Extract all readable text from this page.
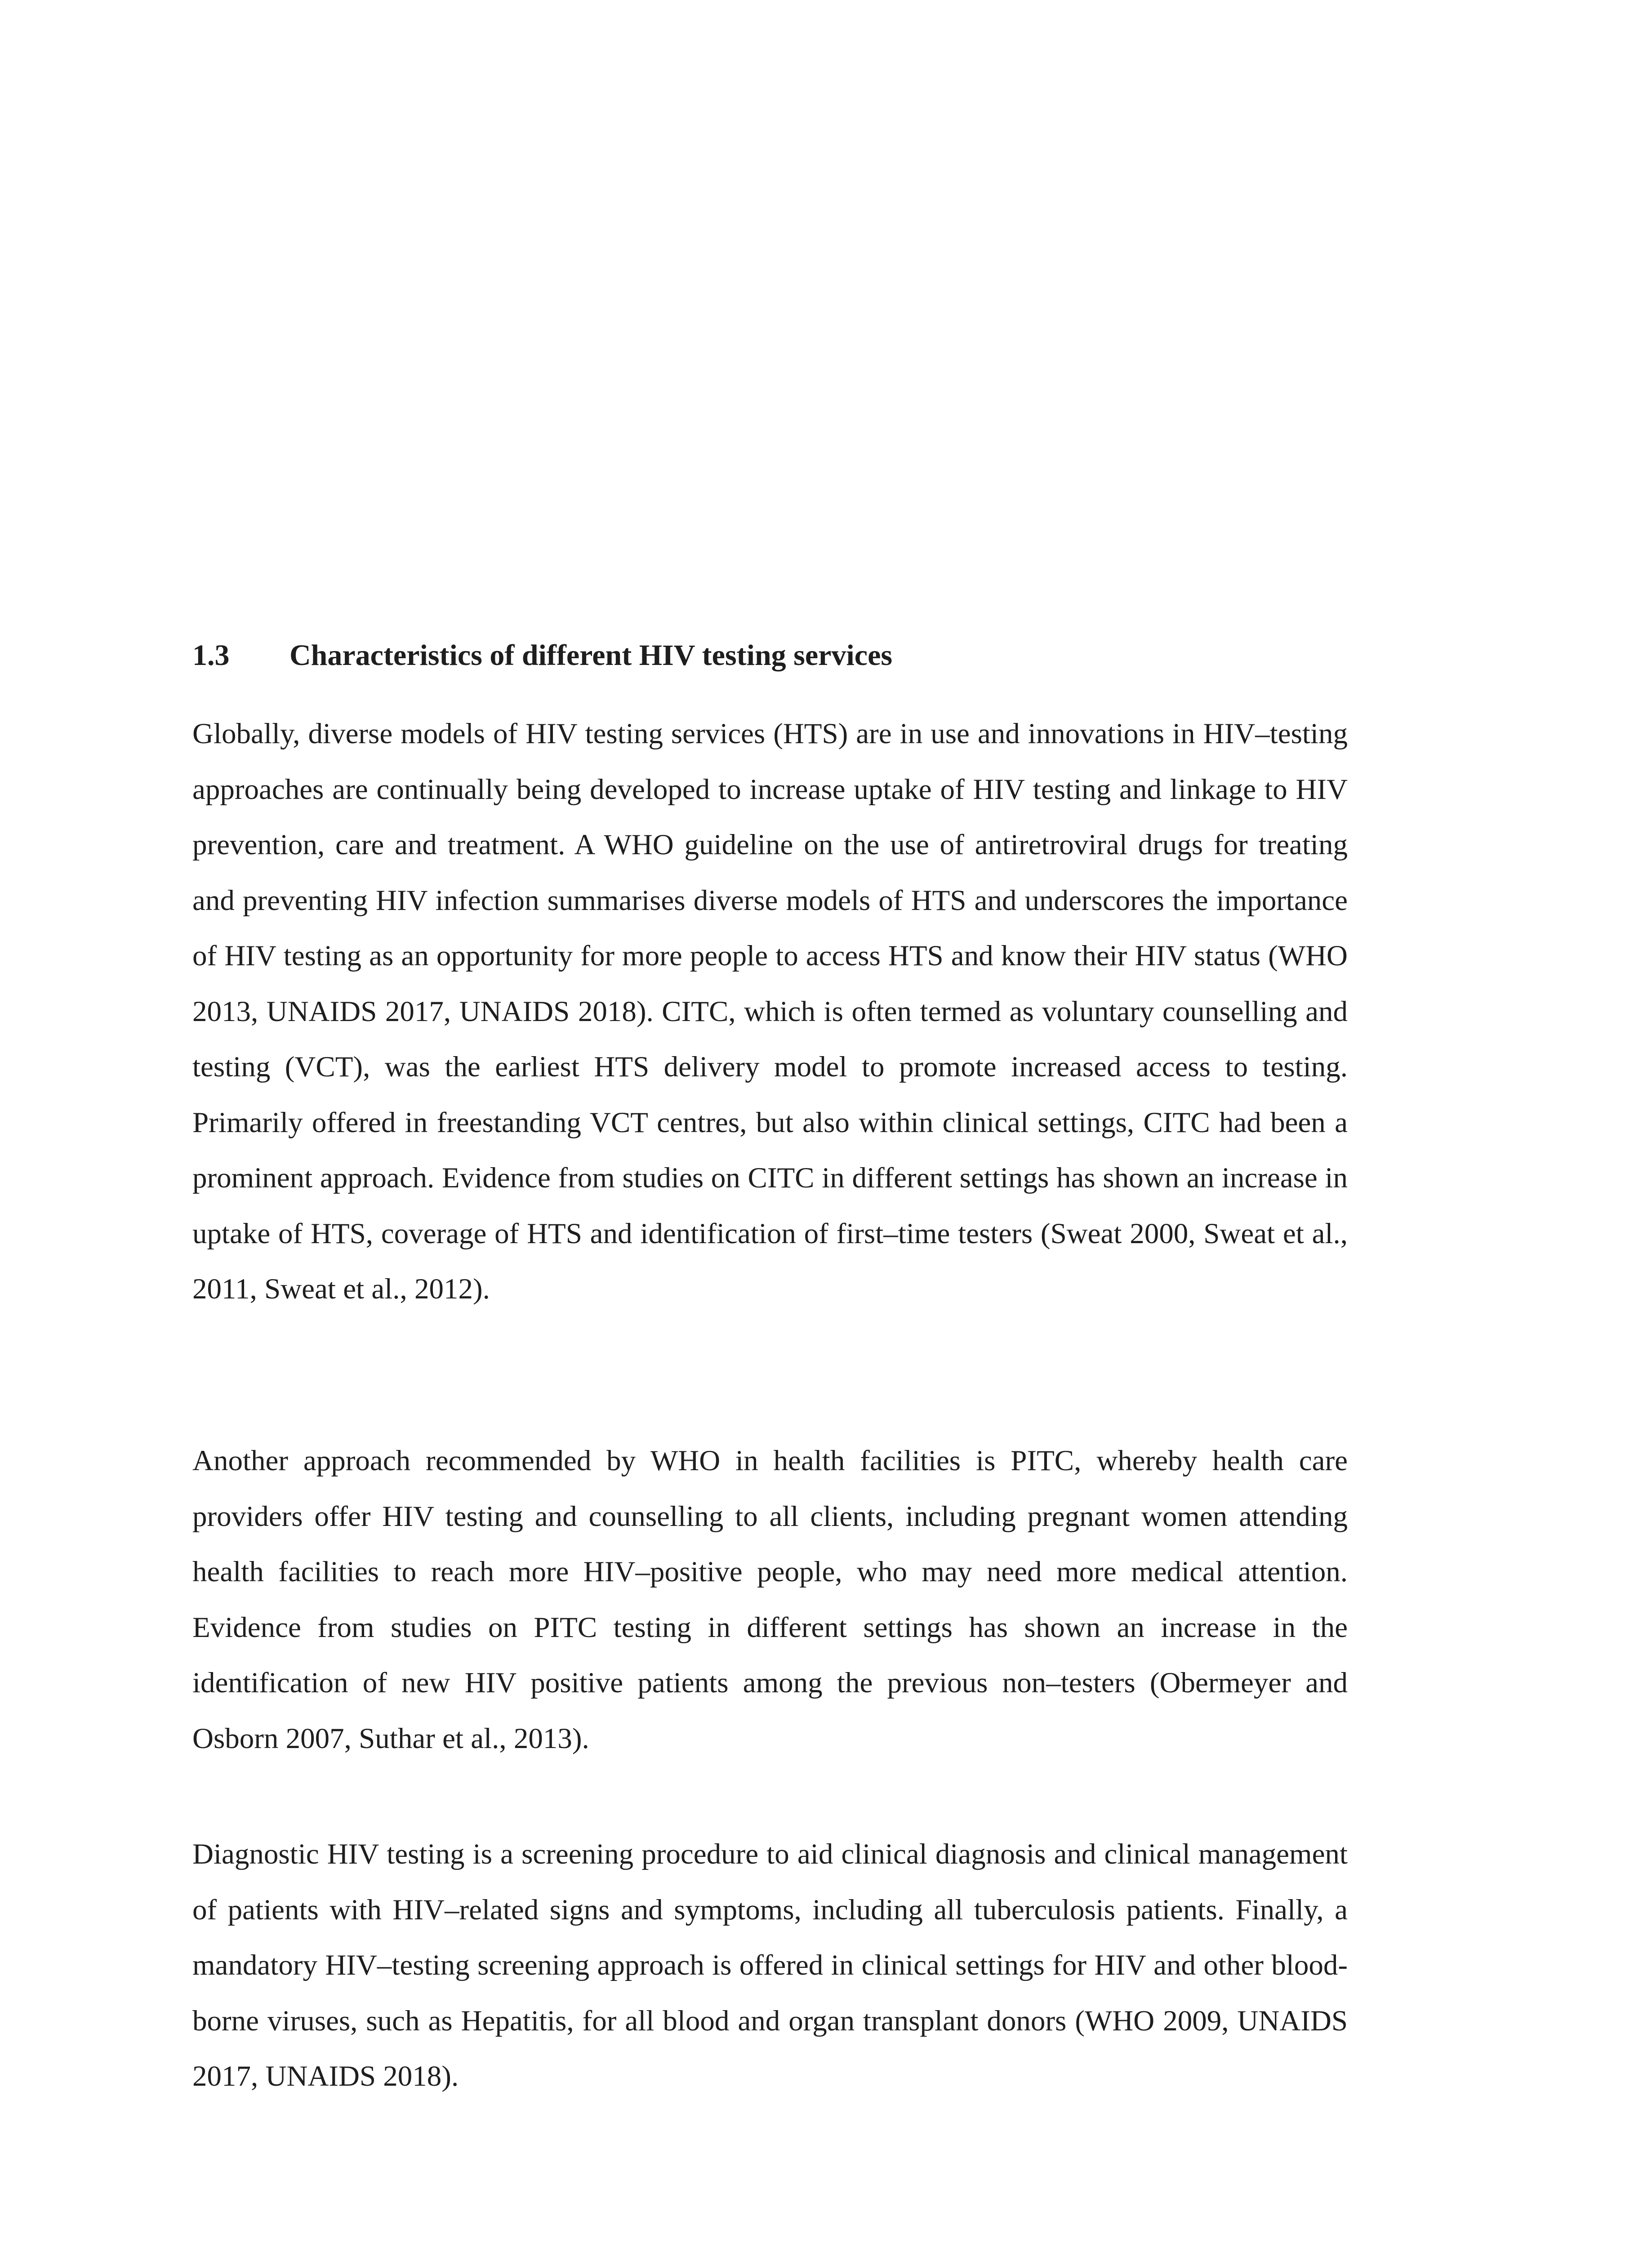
1.3 Characteristics of different HIV testing services

Globally, diverse models of HIV testing services (HTS) are in use and innovations in HIV–testing approaches are continually being developed to increase uptake of HIV testing and linkage to HIV prevention, care and treatment. A WHO guideline on the use of antiretroviral drugs for treating and preventing HIV infection summarises diverse models of HTS and underscores the importance of HIV testing as an opportunity for more people to access HTS and know their HIV status (WHO 2013, UNAIDS 2017, UNAIDS 2018). CITC, which is often termed as voluntary counselling and testing (VCT), was the earliest HTS delivery model to promote increased access to testing. Primarily offered in freestanding VCT centres, but also within clinical settings, CITC had been a prominent approach. Evidence from studies on CITC in different settings has shown an increase in uptake of HTS, coverage of HTS and identification of first–time testers (Sweat 2000, Sweat et al., 2011, Sweat et al., 2012).

Another approach recommended by WHO in health facilities is PITC, whereby health care providers offer HIV testing and counselling to all clients, including pregnant women attending health facilities to reach more HIV–positive people, who may need more medical attention. Evidence from studies on PITC testing in different settings has shown an increase in the identification of new HIV positive patients among the previous non–testers (Obermeyer and Osborn 2007, Suthar et al., 2013).

Diagnostic HIV testing is a screening procedure to aid clinical diagnosis and clinical management of patients with HIV–related signs and symptoms, including all tuberculosis patients. Finally, a mandatory HIV–testing screening approach is offered in clinical settings for HIV and other blood-borne viruses, such as Hepatitis, for all blood and organ transplant donors (WHO 2009, UNAIDS 2017, UNAIDS 2018).
